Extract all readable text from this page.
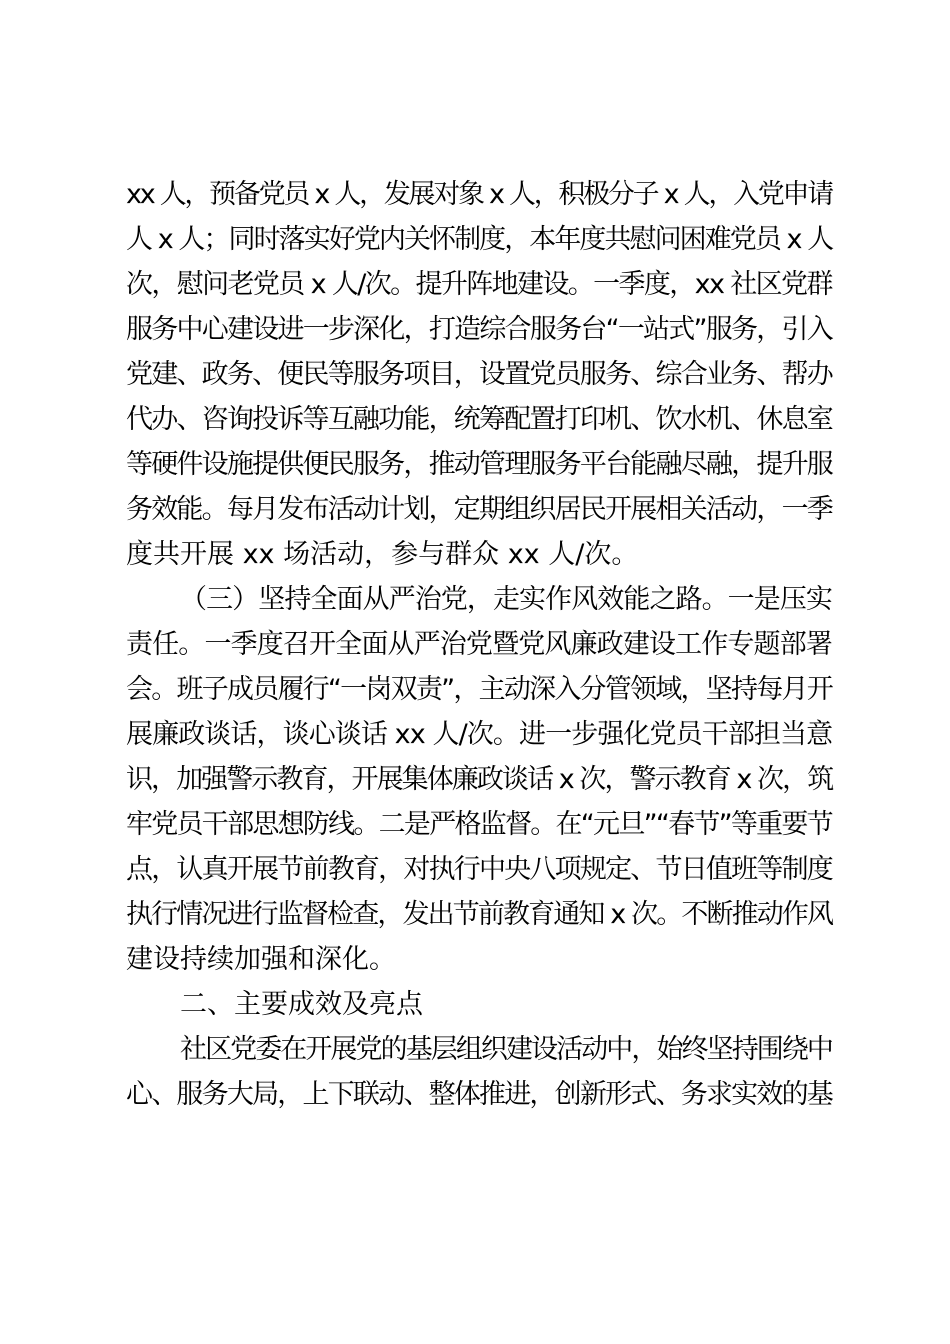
xx 人，预备党员 x 人，发展对象 x 人，积极分子 x 人，入党申请
人 x 人；同时落实好党内关怀制度，本年度共慰问困难党员 x 人
次，慰问老党员 x 人/次。提升阵地建设。一季度，xx 社区党群
服务中心建设进一步深化，打造综合服务台“一站式”服务，引入
党建、政务、便民等服务项目，设置党员服务、综合业务、帮办
代办、咨询投诉等互融功能，统筹配置打印机、饮水机、休息室
等硬件设施提供便民服务，推动管理服务平台能融尽融，提升服
务效能。每月发布活动计划，定期组织居民开展相关活动，一季
度共开展 xx 场活动，参与群众 xx 人/次。
（三）坚持全面从严治党，走实作风效能之路。一是压实
责任。一季度召开全面从严治党暨党风廉政建设工作专题部署
会。班子成员履行“一岗双责”，主动深入分管领域，坚持每月开
展廉政谈话，谈心谈话 xx 人/次。进一步强化党员干部担当意
识，加强警示教育，开展集体廉政谈话 x 次，警示教育 x 次，筑
牢党员干部思想防线。二是严格监督。在“元旦”“春节”等重要节
点，认真开展节前教育，对执行中央八项规定、节日值班等制度
执行情况进行监督检查，发出节前教育通知 x 次。不断推动作风
建设持续加强和深化。
二、主要成效及亮点
社区党委在开展党的基层组织建设活动中，始终坚持围绕中
心、服务大局，上下联动、整体推进，创新形式、务求实效的基
